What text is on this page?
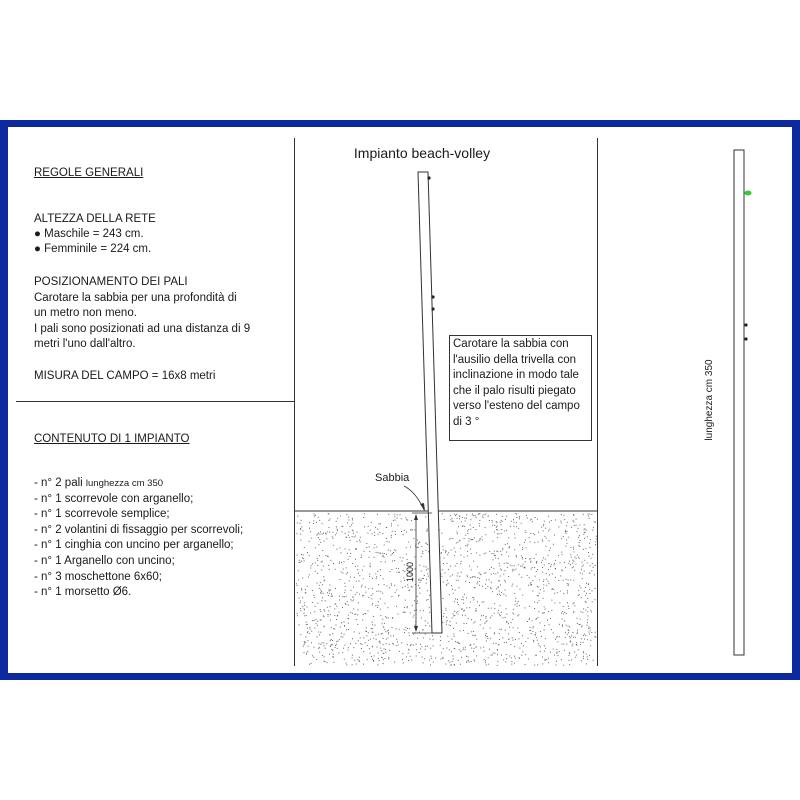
REGOLE GENERALI
ALTEZZA DELLA RETE
● Maschile = 243 cm.
● Femminile = 224 cm.
POSIZIONAMENTO DEI PALI
Carotare la sabbia per una profondità di
un metro non meno.
I pali sono posizionati ad una distanza di 9
metri l'uno dall'altro.
MISURA DEL CAMPO = 16x8 metri
CONTENUTO DI 1 IMPIANTO
- n° 2 pali lunghezza cm 350
- n° 1 scorrevole con arganello;
- n° 1 scorrevole semplice;
- n° 2 volantini di fissaggio per scorrevoli;
- n° 1 cinghia con uncino per arganello;
- n° 1 Arganello con uncino;
- n° 3 moschettone 6x60;
- n° 1 morsetto Ø6.
Impianto beach-volley
1000
Sabbia
lunghezza cm 350
Carotare la sabbia con l'ausilio della trivella con inclinazione in modo tale che il palo risulti piegato verso l'esteno del campo di 3 °
